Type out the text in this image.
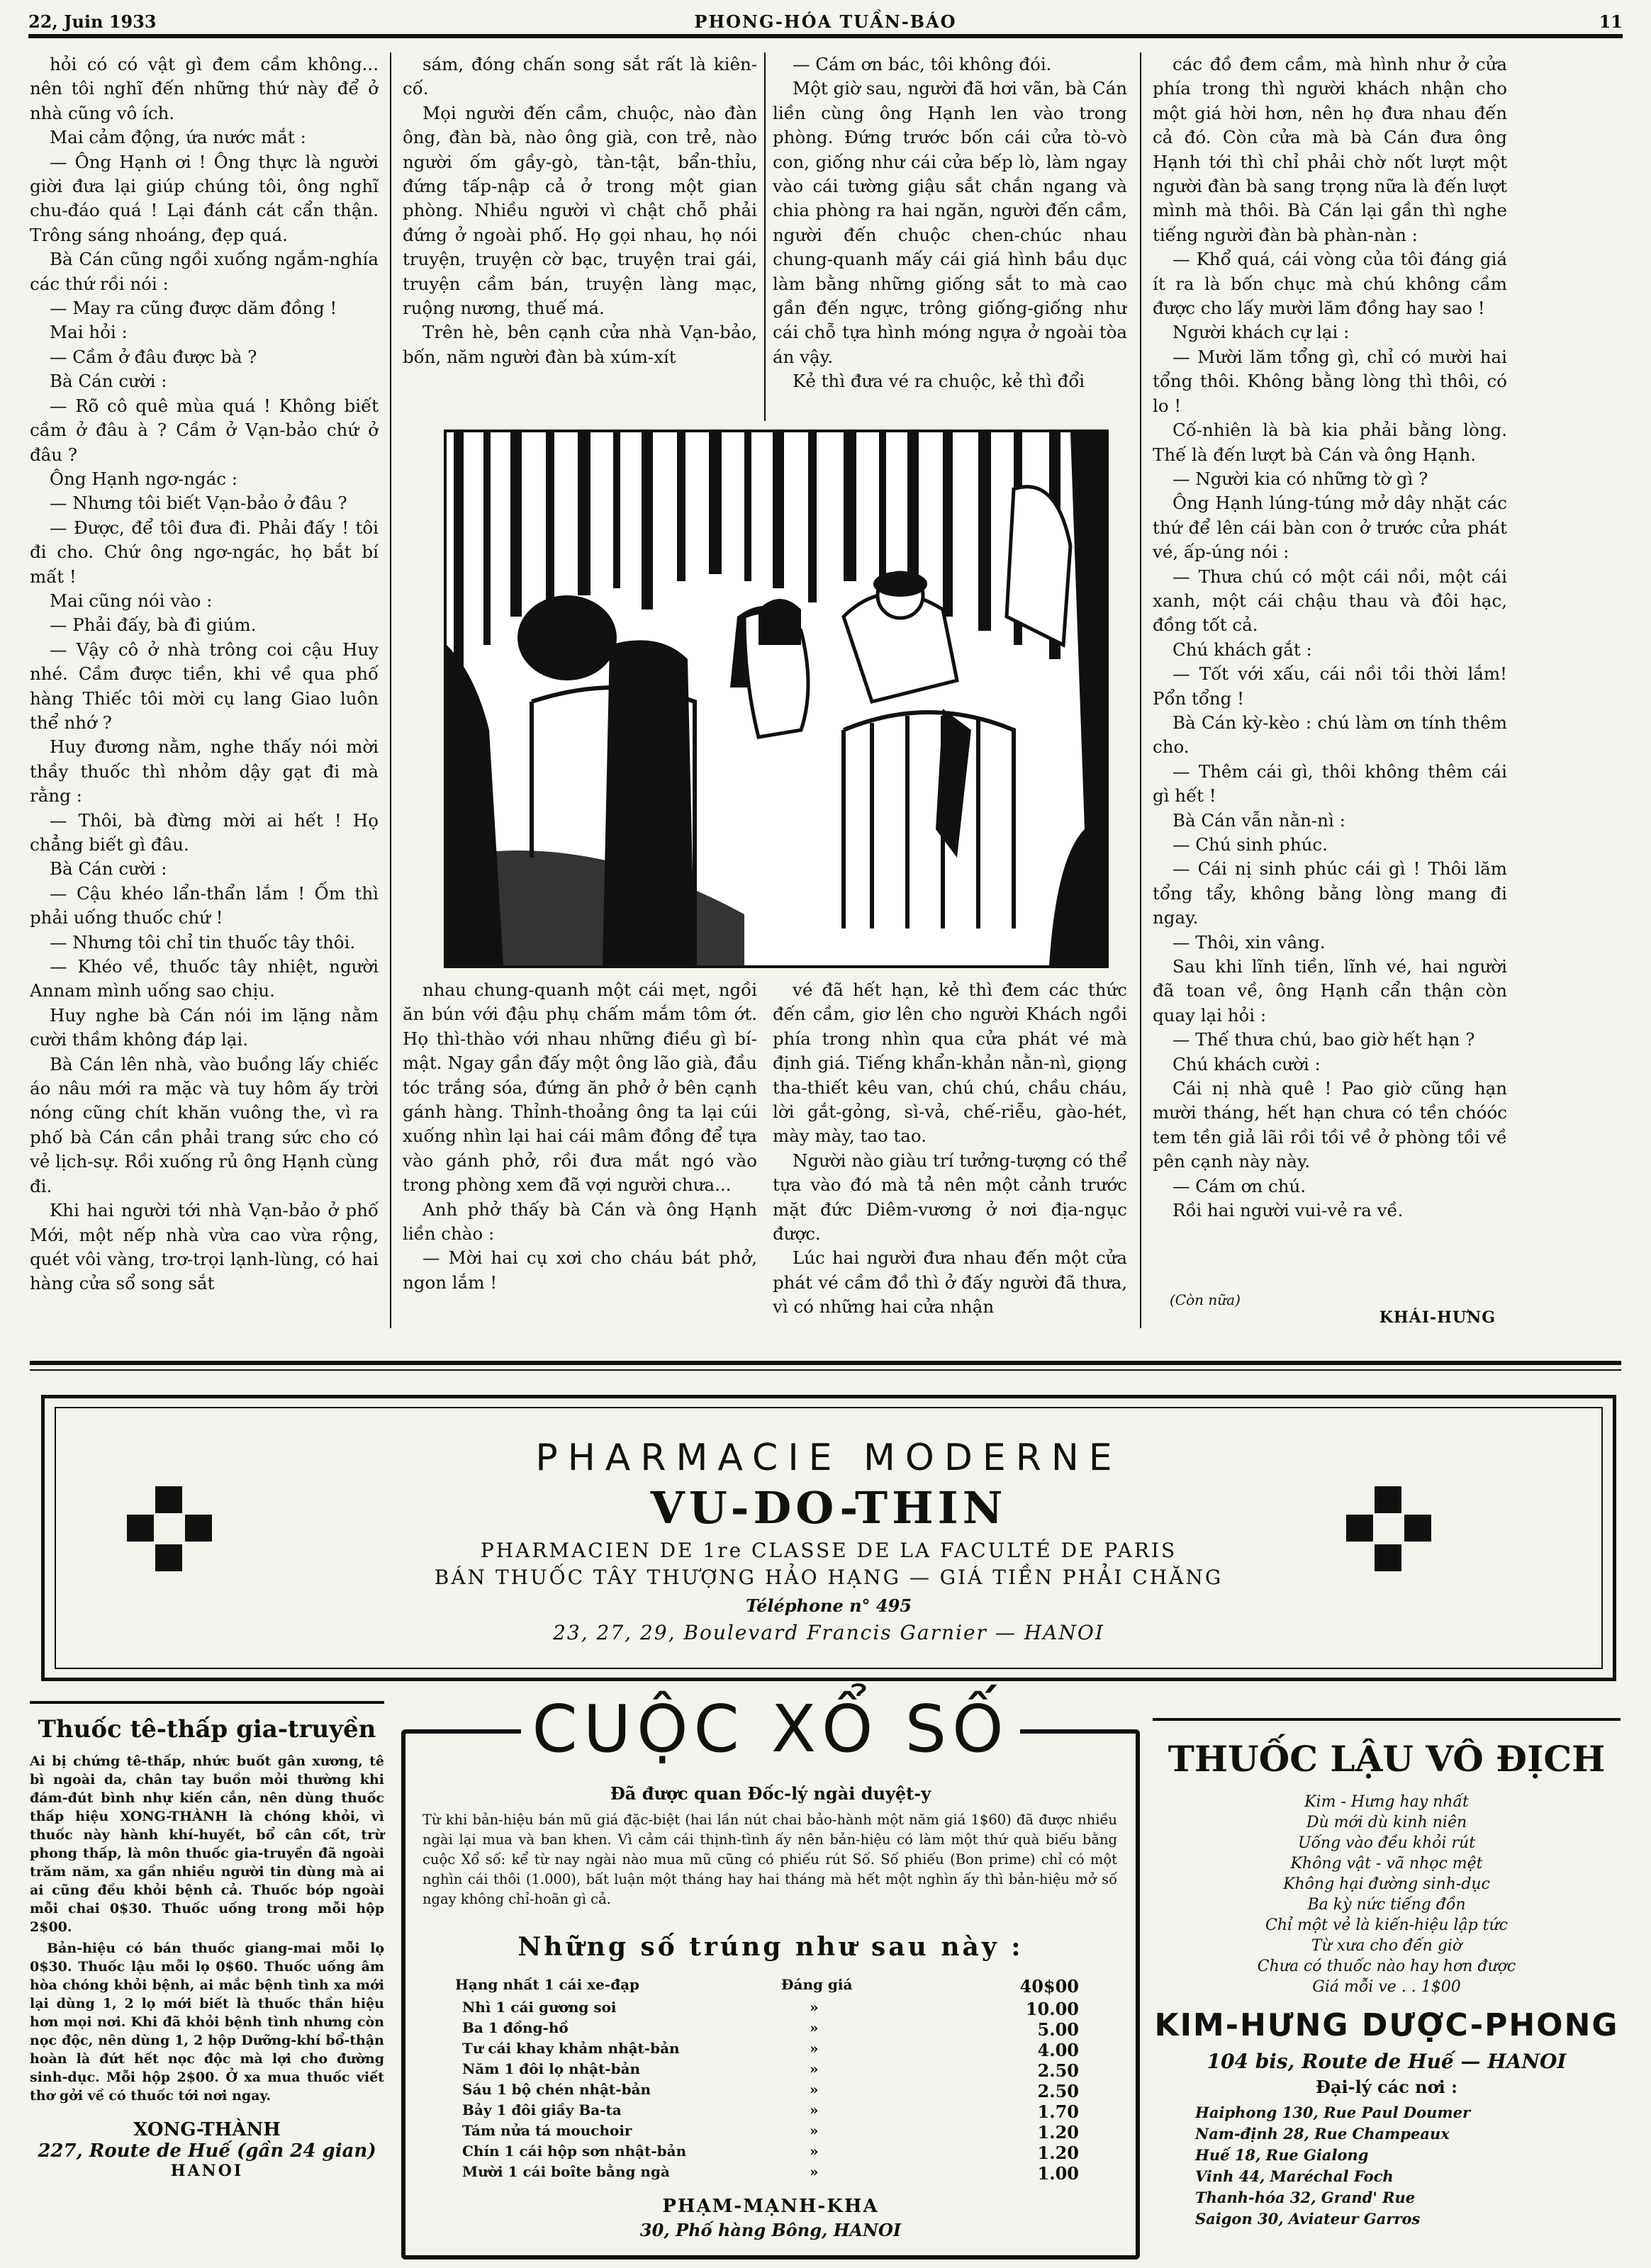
22, Juin 1933	PHONG-HÓA TUẦN-BÁO	11

hỏi có có vật gì đem cầm không... nên tôi nghĩ đến những thứ này để ở nhà cũng vô ích.

Mai cảm động, ứa nước mắt :

— Ông Hạnh ơi ! Ông thực là người giời đưa lại giúp chúng tôi, ông nghĩ chu-đáo quá ! Lại đánh cát cẩn thận. Trông sáng nhoáng, đẹp quá.

Bà Cán cũng ngồi xuống ngắm-nghía các thứ rồi nói :

— May ra cũng được dăm đồng !

Mai hỏi :

— Cầm ở đâu được bà ?

Bà Cán cười :

— Rõ cô quê mùa quá ! Không biết cầm ở đâu à ? Cầm ở Vạn-bảo chứ ở đâu ?

Ông Hạnh ngơ-ngác :

— Nhưng tôi biết Vạn-bảo ở đâu ?

— Được, để tôi đưa đi. Phải đấy ! tôi đi cho. Chứ ông ngơ-ngác, họ bắt bí mất !

Mai cũng nói vào :

— Phải đấy, bà đi giúm.

— Vậy cô ở nhà trông coi cậu Huy nhé. Cầm được tiền, khi về qua phố hàng Thiếc tôi mời cụ lang Giao luôn thể nhớ ?

Huy đương nằm, nghe thấy nói mời thầy thuốc thì nhỏm dậy gạt đi mà rằng :

— Thôi, bà đừng mời ai hết ! Họ chẳng biết gì đâu.

Bà Cán cười :

— Cậu khéo lẩn-thẩn lắm ! Ốm thì phải uống thuốc chứ !

— Nhưng tôi chỉ tin thuốc tây thôi.

— Khéo về, thuốc tây nhiệt, người Annam mình uống sao chịu.

Huy nghe bà Cán nói im lặng nằm cười thầm không đáp lại.

Bà Cán lên nhà, vào buồng lấy chiếc áo nâu mới ra mặc và tuy hôm ấy trời nóng cũng chít khăn vuông the, vì ra phố bà Cán cần phải trang sức cho có vẻ lịch-sự. Rồi xuống rủ ông Hạnh cùng đi.

Khi hai người tới nhà Vạn-bảo ở phố Mới, một nếp nhà vừa cao vừa rộng, quét vôi vàng, trơ-trọi lạnh-lùng, có hai hàng cửa sổ song sắt

sám, đóng chấn song sắt rất là kiên-cố.

Mọi người đến cầm, chuộc, nào đàn ông, đàn bà, nào ông già, con trẻ, nào người ốm gầy-gò, tàn-tật, bẩn-thỉu, đứng tấp-nập cả ở trong một gian phòng. Nhiều người vì chật chỗ phải đứng ở ngoài phố. Họ gọi nhau, họ nói truyện, truyện cờ bạc, truyện trai gái, truyện cầm bán, truyện làng mạc, ruộng nương, thuế má.

Trên hè, bên cạnh cửa nhà Vạn-bảo, bốn, năm người đàn bà xúm-xít

— Cám ơn bác, tôi không đói.

Một giờ sau, người đã hơi vãn, bà Cán liền cùng ông Hạnh len vào trong phòng. Đứng trước bốn cái cửa tò-vò con, giống như cái cửa bếp lò, làm ngay vào cái tường giậu sắt chắn ngang và chia phòng ra hai ngăn, người đến cầm, người đến chuộc chen-chúc nhau chung-quanh mấy cái giá hình bầu dục làm bằng những giống sắt to mà cao gần đến ngực, trông giống-giống như cái chỗ tựa hình móng ngựa ở ngoài tòa án vậy.

Kẻ thì đưa vé ra chuộc, kẻ thì đổi

các đồ đem cầm, mà hình như ở cửa phía trong thì người khách nhận cho một giá hời hơn, nên họ đưa nhau đến cả đó. Còn cửa mà bà Cán đưa ông Hạnh tới thì chỉ phải chờ nốt lượt một người đàn bà sang trọng nữa là đến lượt mình mà thôi. Bà Cán lại gần thì nghe tiếng người đàn bà phàn-nàn :

— Khổ quá, cái vòng của tôi đáng giá ít ra là bốn chục mà chú không cầm được cho lấy mười lăm đồng hay sao !

Người khách cự lại :

— Mười lăm tổng gì, chỉ có mười hai tổng thôi. Không bằng lòng thì thôi, có lo !

Cố-nhiên là bà kia phải bằng lòng. Thế là đến lượt bà Cán và ông Hạnh.

— Người kia có những tờ gì ?

Ông Hạnh lúng-túng mở dây nhặt các thứ để lên cái bàn con ở trước cửa phát vé, ấp-úng nói :

— Thưa chú có một cái nồi, một cái xanh, một cái chậu thau và đôi hạc, đồng tốt cả.

Chú khách gắt :

— Tốt với xấu, cái nồi tồi thời lắm! Pổn tổng !

Bà Cán kỳ-kèo : chú làm ơn tính thêm cho.

— Thêm cái gì, thôi không thêm cái gì hết !

Bà Cán vẫn nằn-nì :

— Chú sinh phúc.

— Cái nị sinh phúc cái gì ! Thôi lăm tổng tẩy, không bằng lòng mang đi ngay.

— Thôi, xin vâng.

Sau khi lĩnh tiền, lĩnh vé, hai người đã toan về, ông Hạnh cẩn thận còn quay lại hỏi :

— Thế thưa chú, bao giờ hết hạn ?

Chú khách cười :

Cái nị nhà quê ! Pao giờ cũng hạn mười tháng, hết hạn chưa có tền chóóc tem tền giả lãi rồi tồi về ở phòng tồi về pên cạnh này này.

— Cám ơn chú.

Rồi hai người vui-vẻ ra về.

nhau chung-quanh một cái mẹt, ngồi ăn bún với đậu phụ chấm mắm tôm ớt. Họ thì-thào với nhau những điều gì bí-mật. Ngay gần đấy một ông lão già, đầu tóc trắng sóa, đứng ăn phở ở bên cạnh gánh hàng. Thỉnh-thoảng ông ta lại cúi xuống nhìn lại hai cái mâm đồng để tựa vào gánh phở, rồi đưa mắt ngó vào trong phòng xem đã vợi người chưa...

Anh phở thấy bà Cán và ông Hạnh liền chào :

— Mời hai cụ xơi cho cháu bát phở, ngon lắm !

vé đã hết hạn, kẻ thì đem các thức đến cầm, giơ lên cho người Khách ngồi phía trong nhìn qua cửa phát vé mà định giá. Tiếng khẩn-khản nằn-nì, giọng tha-thiết kêu van, chú chú, chầu cháu, lời gắt-gỏng, sì-vả, chế-riễu, gào-hét, mày mày, tao tao.

Người nào giàu trí tưởng-tượng có thể tựa vào đó mà tả nên một cảnh trước mặt đức Diêm-vương ở nơi địa-ngục được.

Lúc hai người đưa nhau đến một cửa phát vé cầm đồ thì ở đấy người đã thưa, vì có những hai cửa nhận	(Còn nữa)
KHÁI-HƯNG
PHARMACIE MODERNE
VU-DO-THIN
PHARMACIEN DE 1re CLASSE DE LA FACULTÉ DE PARIS
BÁN THUỐC TÂY THƯỢNG HẢO HẠNG — GIÁ TIỀN PHẢI CHĂNG
Téléphone n° 495
23, 27, 29, Boulevard Francis Garnier — HANOI
Thuốc tê-thấp gia-truyền
Ai bị chứng tê-thấp, nhức buốt gân xương, tê bì ngoài da, chân tay buồn mỏi thường khi đám-đút bình nhự kiến cắn, nên dùng thuốc thấp hiệu XONG-THÀNH là chóng khỏi, vì thuốc này hành khí-huyết, bổ cân cốt, trừ phong thấp, là môn thuốc gia-truyền đã ngoài trăm năm, xa gần nhiều người tin dùng mà ai ai cũng đều khỏi bệnh cả. Thuốc bóp ngoài mỗi chai 0$30. Thuốc uống trong mỗi hộp 2$00.
Bản-hiệu có bán thuốc giang-mai mỗi lọ 0$30. Thuốc lậu mỗi lọ 0$60. Thuốc uống âm hòa chóng khỏi bệnh, ai mắc bệnh tình xa mới lại dùng 1, 2 lọ mới biết là thuốc thần hiệu hơn mọi nơi. Khi đã khỏi bệnh tình nhưng còn nọc độc, nên dùng 1, 2 hộp Dưỡng-khí bổ-thận hoàn là đứt hết nọc độc mà lợi cho đường sinh-dục. Mỗi hộp 2$00. Ở xa mua thuốc viết thơ gởi về có thuốc tới nơi ngay.
XONG-THÀNH
227, Route de Huế (gần 24 gian)
HANOI
CUỘC XỔ SỐ
Đã được quan Đốc-lý ngài duyệt-y
Từ khi bản-hiệu bán mũ giá đặc-biệt (hai lần nút chai bảo-hành một năm giá 1$60) đã được nhiều ngài lại mua và ban khen. Vì cảm cái thịnh-tình ấy nên bản-hiệu có làm một thứ quà biếu bằng cuộc Xổ số: kể từ nay ngài nào mua mũ cũng có phiếu rút Số. Số phiếu (Bon prime) chỉ có một nghìn cái thôi (1.000), bất luận một tháng hay hai tháng mà hết một nghìn ấy thì bản-hiệu mở số ngay không chỉ-hoãn gì cả.
Những số trúng như sau này :
Hạng nhất 1 cái xe-đạp	Đáng giá	40$00
Nhì 1 cái gương soi	»	10.00
Ba 1 đồng-hồ	»	5.00
Tư cái khay khảm nhật-bản	»	4.00
Năm 1 đôi lọ nhật-bản	»	2.50
Sáu 1 bộ chén nhật-bản	»	2.50
Bảy 1 đôi giầy Ba-ta	»	1.70
Tám nửa tá mouchoir	»	1.20
Chín 1 cái hộp sơn nhật-bản	»	1.20
Mười 1 cái boîte bằng ngà	»	1.00
PHẠM-MẠNH-KHA
30, Phố hàng Bông, HANOI
THUỐC LẬU VÔ ĐỊCH
Kim - Hưng hay nhất
Dù mới dù kinh niên
Uống vào đều khỏi rút
Không vật - vã nhọc mệt
Không hại đường sinh-dục
Ba kỳ nức tiếng đồn
Chỉ một vẻ là kiến-hiệu lập tức
Từ xưa cho đến giờ
Chưa có thuốc nào hay hơn được
Giá mỗi ve . . 1$00
KIM-HƯNG DƯỢC-PHONG
104 bis, Route de Huế — HANOI
Đại-lý các nơi :
Haiphong 130, Rue Paul Doumer
Nam-định 28, Rue Champeaux
Huế 18, Rue Gialong
Vinh 44, Maréchal Foch
Thanh-hóa 32, Grand' Rue
Saigon 30, Aviateur Garros
